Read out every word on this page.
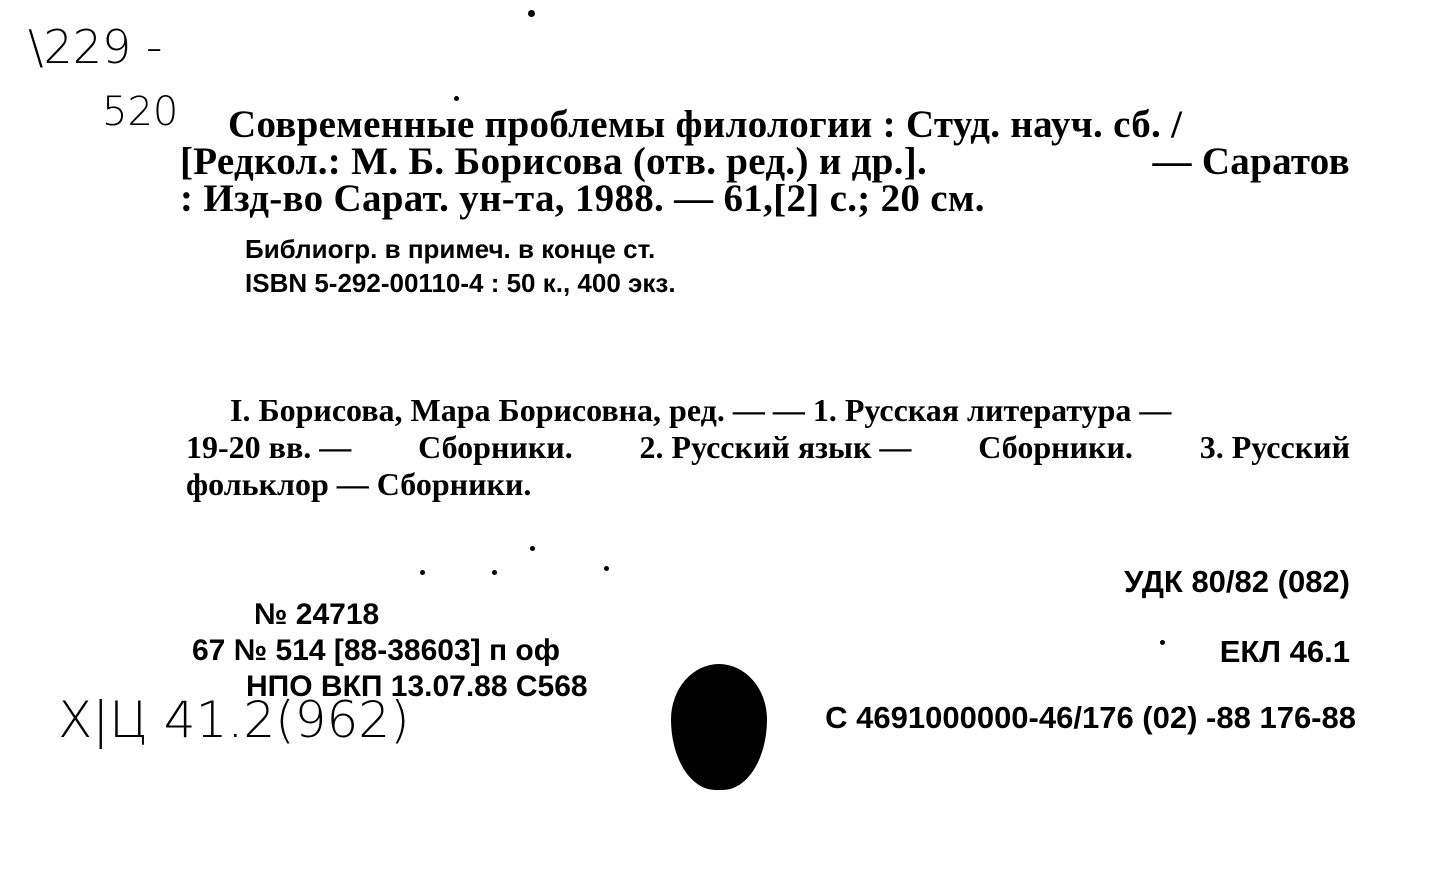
\229 -
520	Современные проблемы филологии : Студ. науч. сб. /
[Редкол.: М. Б. Борисова (отв. ред.) и др.].	— Саратов
: Изд-во Сарат. ун-та, 1988. — 61,[2] с.; 20 см.
Библиогр. в примеч. в конце ст.
ISBN 5-292-00110-4 : 50 к., 400 экз.
I. Борисова, Мара Борисовна, ред. — — 1. Русская литература —
19-20 вв. — Сборники. 2. Русский язык — Сборники. 3. Русский
фольклор — Сборники.
№ 24718
67 № 514 [88-38603] п оф
НПО ВКП 13.07.88 С568
УДК 80/82 (082)
ЕКЛ 46.1
С 4691000000-46/176 (02) -88 176-88
Х|Ц 41.2(962)
